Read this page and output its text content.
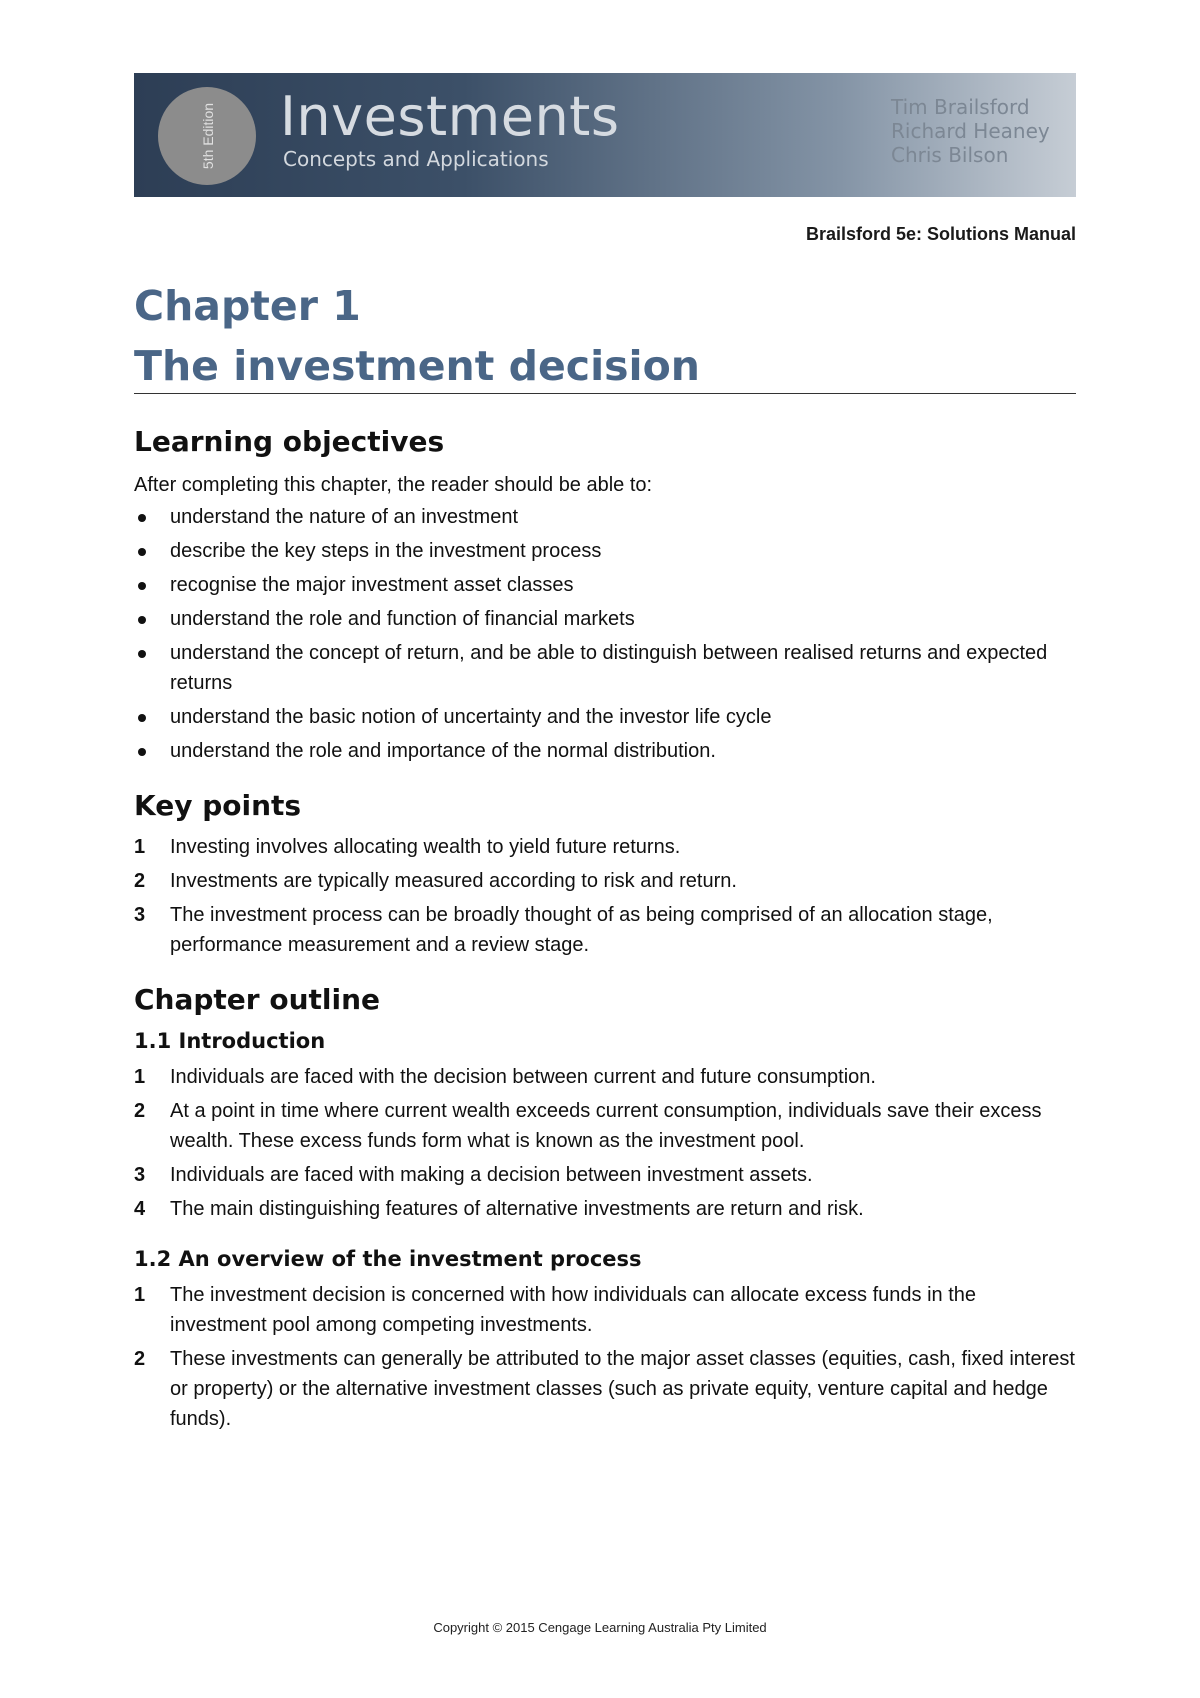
5th Edition Investments
Concepts and Applications
Tim Brailsford
Richard Heaney
Chris Bilson
Brailsford 5e: Solutions Manual
Chapter 1
The investment decision
Learning objectives

After completing this chapter, the reader should be able to:

understand the nature of an investment
describe the key steps in the investment process
recognise the major investment asset classes
understand the role and function of financial markets
understand the concept of return, and be able to distinguish between realised returns and expected returns
understand the basic notion of uncertainty and the investor life cycle
understand the role and importance of the normal distribution.
Key points
1	Investing involves allocating wealth to yield future returns.
2	Investments are typically measured according to risk and return.
3	The investment process can be broadly thought of as being comprised of an allocation stage, performance measurement and a review stage.
Chapter outline
1.1 Introduction
1	Individuals are faced with the decision between current and future consumption.
2	At a point in time where current wealth exceeds current consumption, individuals save their excess wealth. These excess funds form what is known as the investment pool.
3	Individuals are faced with making a decision between investment assets.
4	The main distinguishing features of alternative investments are return and risk.
1.2 An overview of the investment process
1	The investment decision is concerned with how individuals can allocate excess funds in the investment pool among competing investments.
2	These investments can generally be attributed to the major asset classes (equities, cash, fixed interest or property) or the alternative investment classes (such as private equity, venture capital and hedge funds).
Copyright © 2015 Cengage Learning Australia Pty Limited
